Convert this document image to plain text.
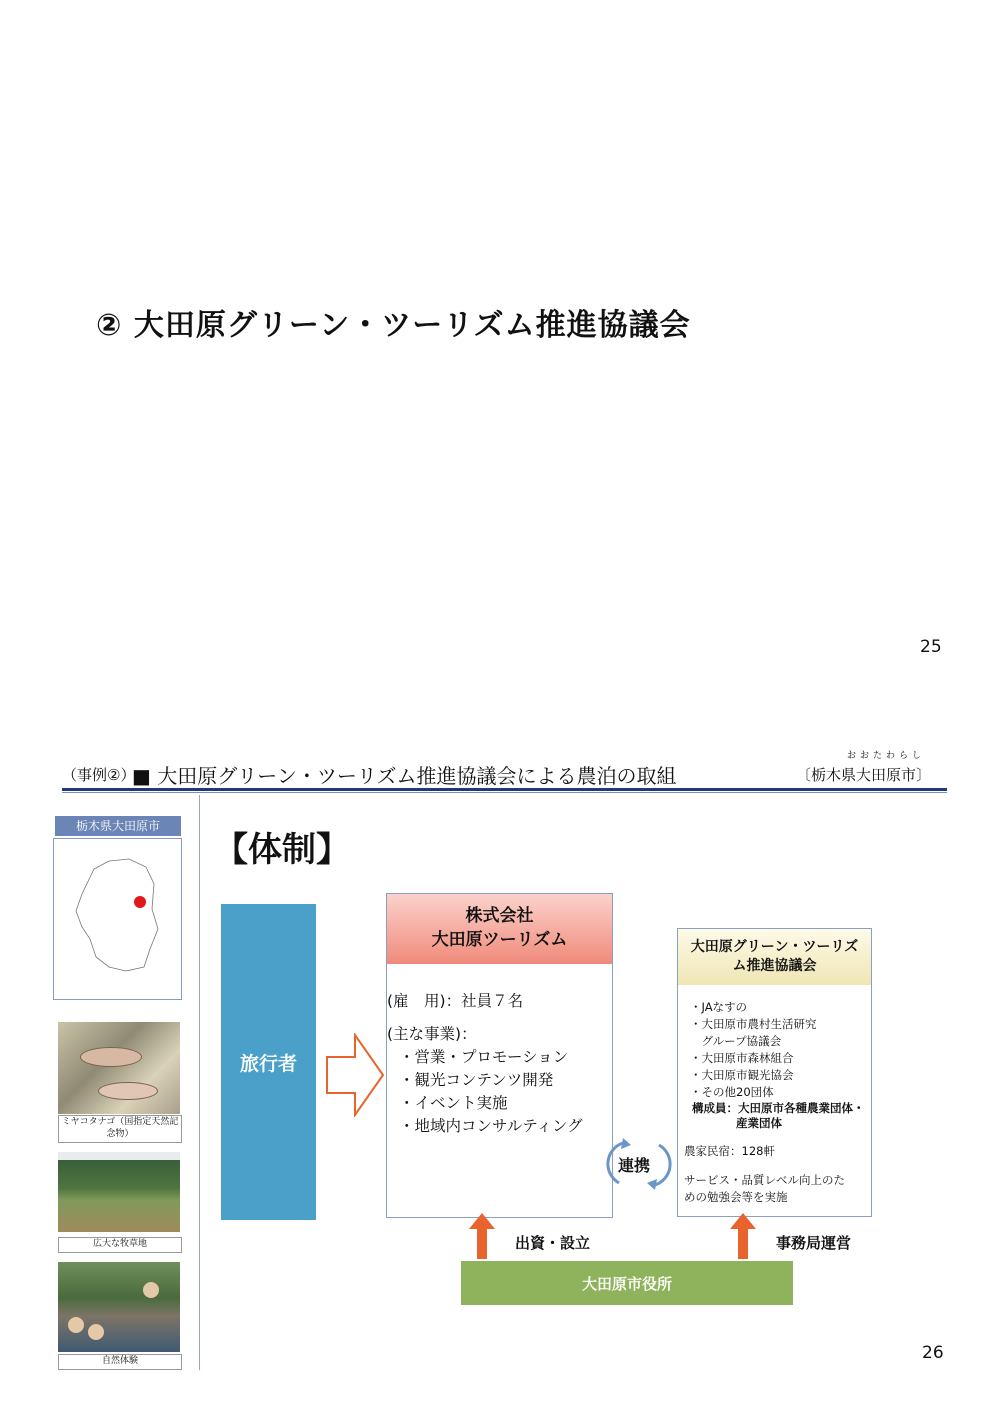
② 大田原グリーン・ツーリズム推進協議会
25
（事例②）
■ 大田原グリーン・ツーリズム推進協議会による農泊の取組
おおたわらし
〔栃木県大田原市〕
栃木県大田原市
ミヤコタナゴ（国指定天然記念物）
広大な牧草地
自然体験
【体制】
旅行者
株式会社
大田原ツーリズム
(雇　用)：社員７名
(主な事業)：
・営業・プロモーション
・観光コンテンツ開発
・イベント実施
・地域内コンサルティング
大田原グリーン・ツーリズ
ム推進協議会
・JAなすの
・大田原市農村生活研究
　グループ協議会
・大田原市森林組合
・大田原市観光協会
・その他20団体
構成員：大田原市各種農業団体・
産業団体
農家民宿：128軒
サービス・品質レベル向上のた
めの勉強会等を実施
連携
出資・設立	事務局運営
大田原市役所
26
